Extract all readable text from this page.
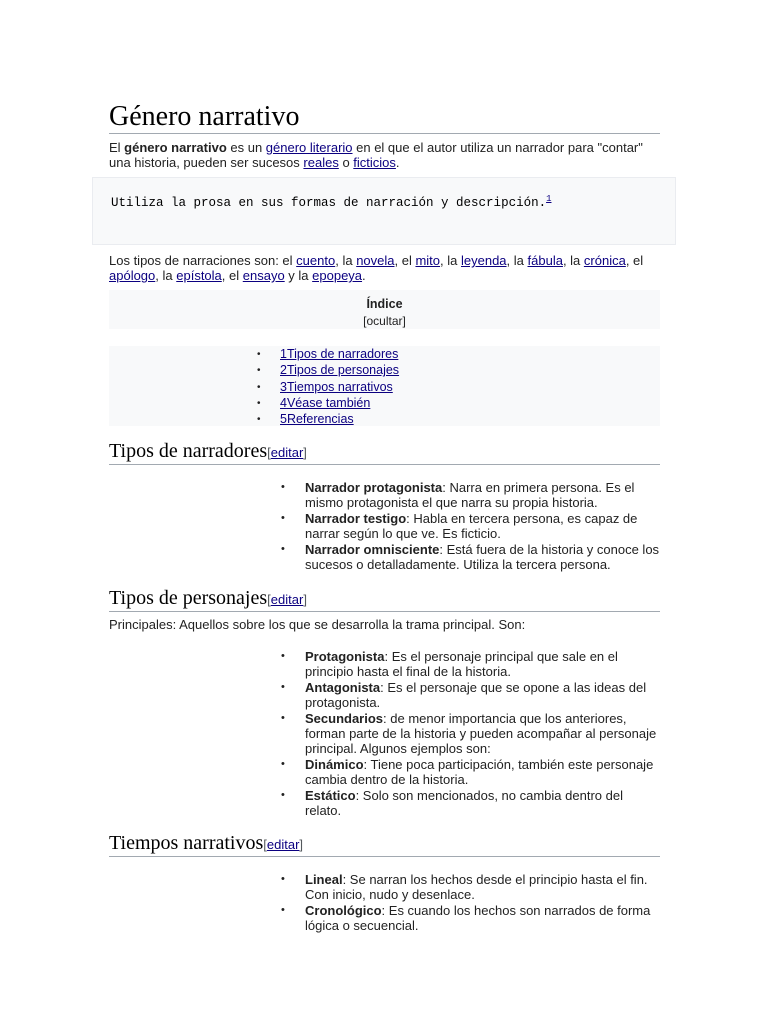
Género narrativo

El género narrativo es un género literario en el que el autor utiliza un narrador para "contar" una historia, pueden ser sucesos reales o ficticios.

Utiliza la prosa en sus formas de narración y descripción.$^1$

Los tipos de narraciones son: el cuento, la novela, el mito, la leyenda, la fábula, la crónica, el apólogo, la epístola, el ensayo y la epopeya.

Índice
[ocultar]
• 1Tipos de narradores
• 2Tipos de personajes
• 3Tiempos narrativos
• 4Véase también
• 5Referencias
Tipos de narradores[editar]
• Narrador protagonista: Narra en primera persona. Es el mismo protagonista el que narra su propia historia.
• Narrador testigo: Habla en tercera persona, es capaz de narrar según lo que ve. Es ficticio.
• Narrador omnisciente: Está fuera de la historia y conoce los sucesos o detalladamente. Utiliza la tercera persona.
Tipos de personajes[editar]

Principales: Aquellos sobre los que se desarrolla la trama principal. Son:

• Protagonista: Es el personaje principal que sale en el principio hasta el final de la historia.
• Antagonista: Es el personaje que se opone a las ideas del protagonista.
• Secundarios: de menor importancia que los anteriores, forman parte de la historia y pueden acompañar al personaje principal. Algunos ejemplos son:
• Dinámico: Tiene poca participación, también este personaje cambia dentro de la historia.
• Estático: Solo son mencionados, no cambia dentro del relato.
Tiempos narrativos[editar]
• Lineal: Se narran los hechos desde el principio hasta el fin. Con inicio, nudo y desenlace.
• Cronológico: Es cuando los hechos son narrados de forma lógica o secuencial.
